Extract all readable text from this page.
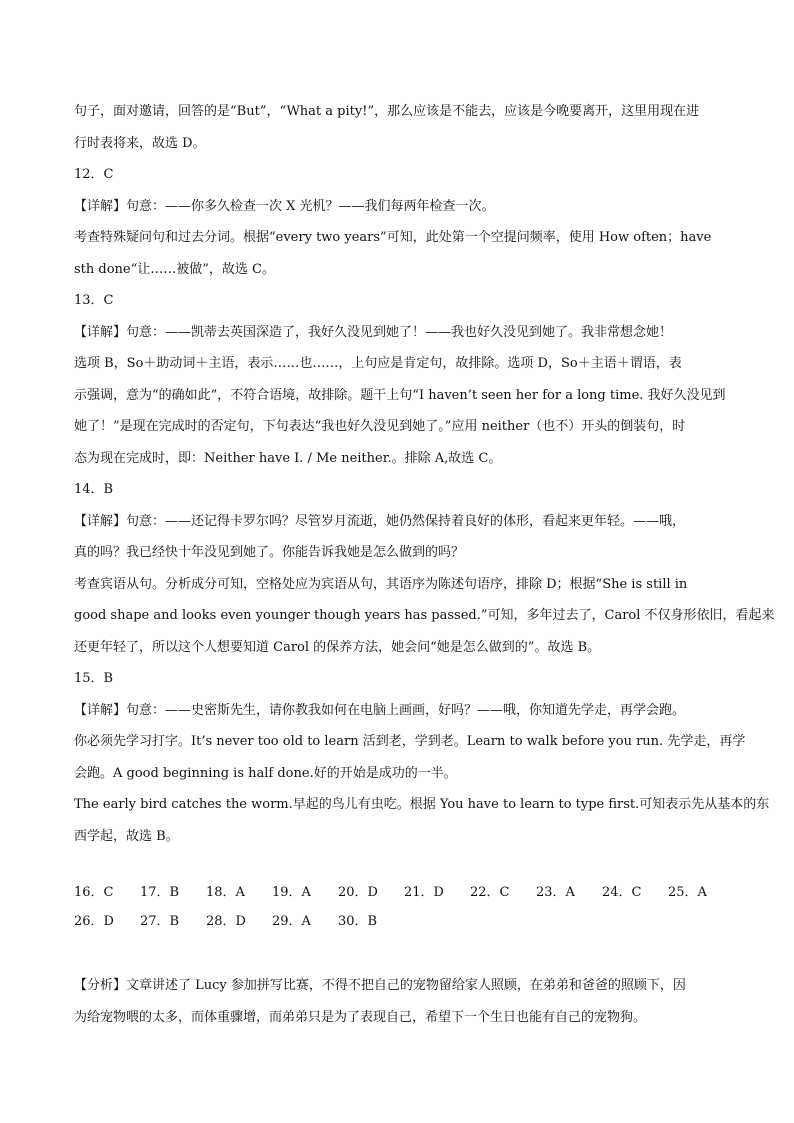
句子，面对邀请，回答的是“But”，“What a pity!”，那么应该是不能去，应该是今晚要离开，这里用现在进
行时表将来，故选 D。
12．C
【详解】句意：——你多久检查一次 X 光机？——我们每两年检查一次。
考查特殊疑问句和过去分词。根据“every two years”可知，此处第一个空提问频率，使用 How often；have
sth done“让……被做”，故选 C。
13．C
【详解】句意：——凯蒂去英国深造了，我好久没见到她了！——我也好久没见到她了。我非常想念她！
选项 B，So＋助动词＋主语，表示……也……，上句应是肯定句，故排除。选项 D，So＋主语＋谓语，表
示强调，意为“的确如此”，不符合语境，故排除。题干上句“I haven’t seen her for a long time. 我好久没见到
她了！”是现在完成时的否定句，下句表达“我也好久没见到她了。”应用 neither（也不）开头的倒装句，时
态为现在完成时，即：Neither have I. / Me neither.。排除 A,故选 C。
14．B
【详解】句意：——还记得卡罗尔吗？尽管岁月流逝，她仍然保持着良好的体形，看起来更年轻。——哦，
真的吗？我已经快十年没见到她了。你能告诉我她是怎么做到的吗？
考查宾语从句。分析成分可知，空格处应为宾语从句，其语序为陈述句语序，排除 D；根据“She is still in
good shape and looks even younger though years has passed.”可知，多年过去了，Carol 不仅身形依旧，看起来
还更年轻了，所以这个人想要知道 Carol 的保养方法，她会问“她是怎么做到的”。故选 B。
15．B
【详解】句意：——史密斯先生，请你教我如何在电脑上画画，好吗？——哦，你知道先学走，再学会跑。
你必须先学习打字。It’s never too old to learn 活到老，学到老。Learn to walk before you run. 先学走，再学
会跑。A good beginning is half done.好的开始是成功的一半。
The early bird catches the worm.早起的鸟儿有虫吃。根据 You have to learn to type first.可知表示先从基本的东
西学起，故选 B。
16．C 17．B 18．A 19．A 20．D 21．D 22．C 23．A 24．C 25．A
26．D 27．B 28．D 29．A 30．B
【分析】文章讲述了 Lucy 参加拼写比赛，不得不把自己的宠物留给家人照顾，在弟弟和爸爸的照顾下，因
为给宠物喂的太多，而体重骤增，而弟弟只是为了表现自己，希望下一个生日也能有自己的宠物狗。
